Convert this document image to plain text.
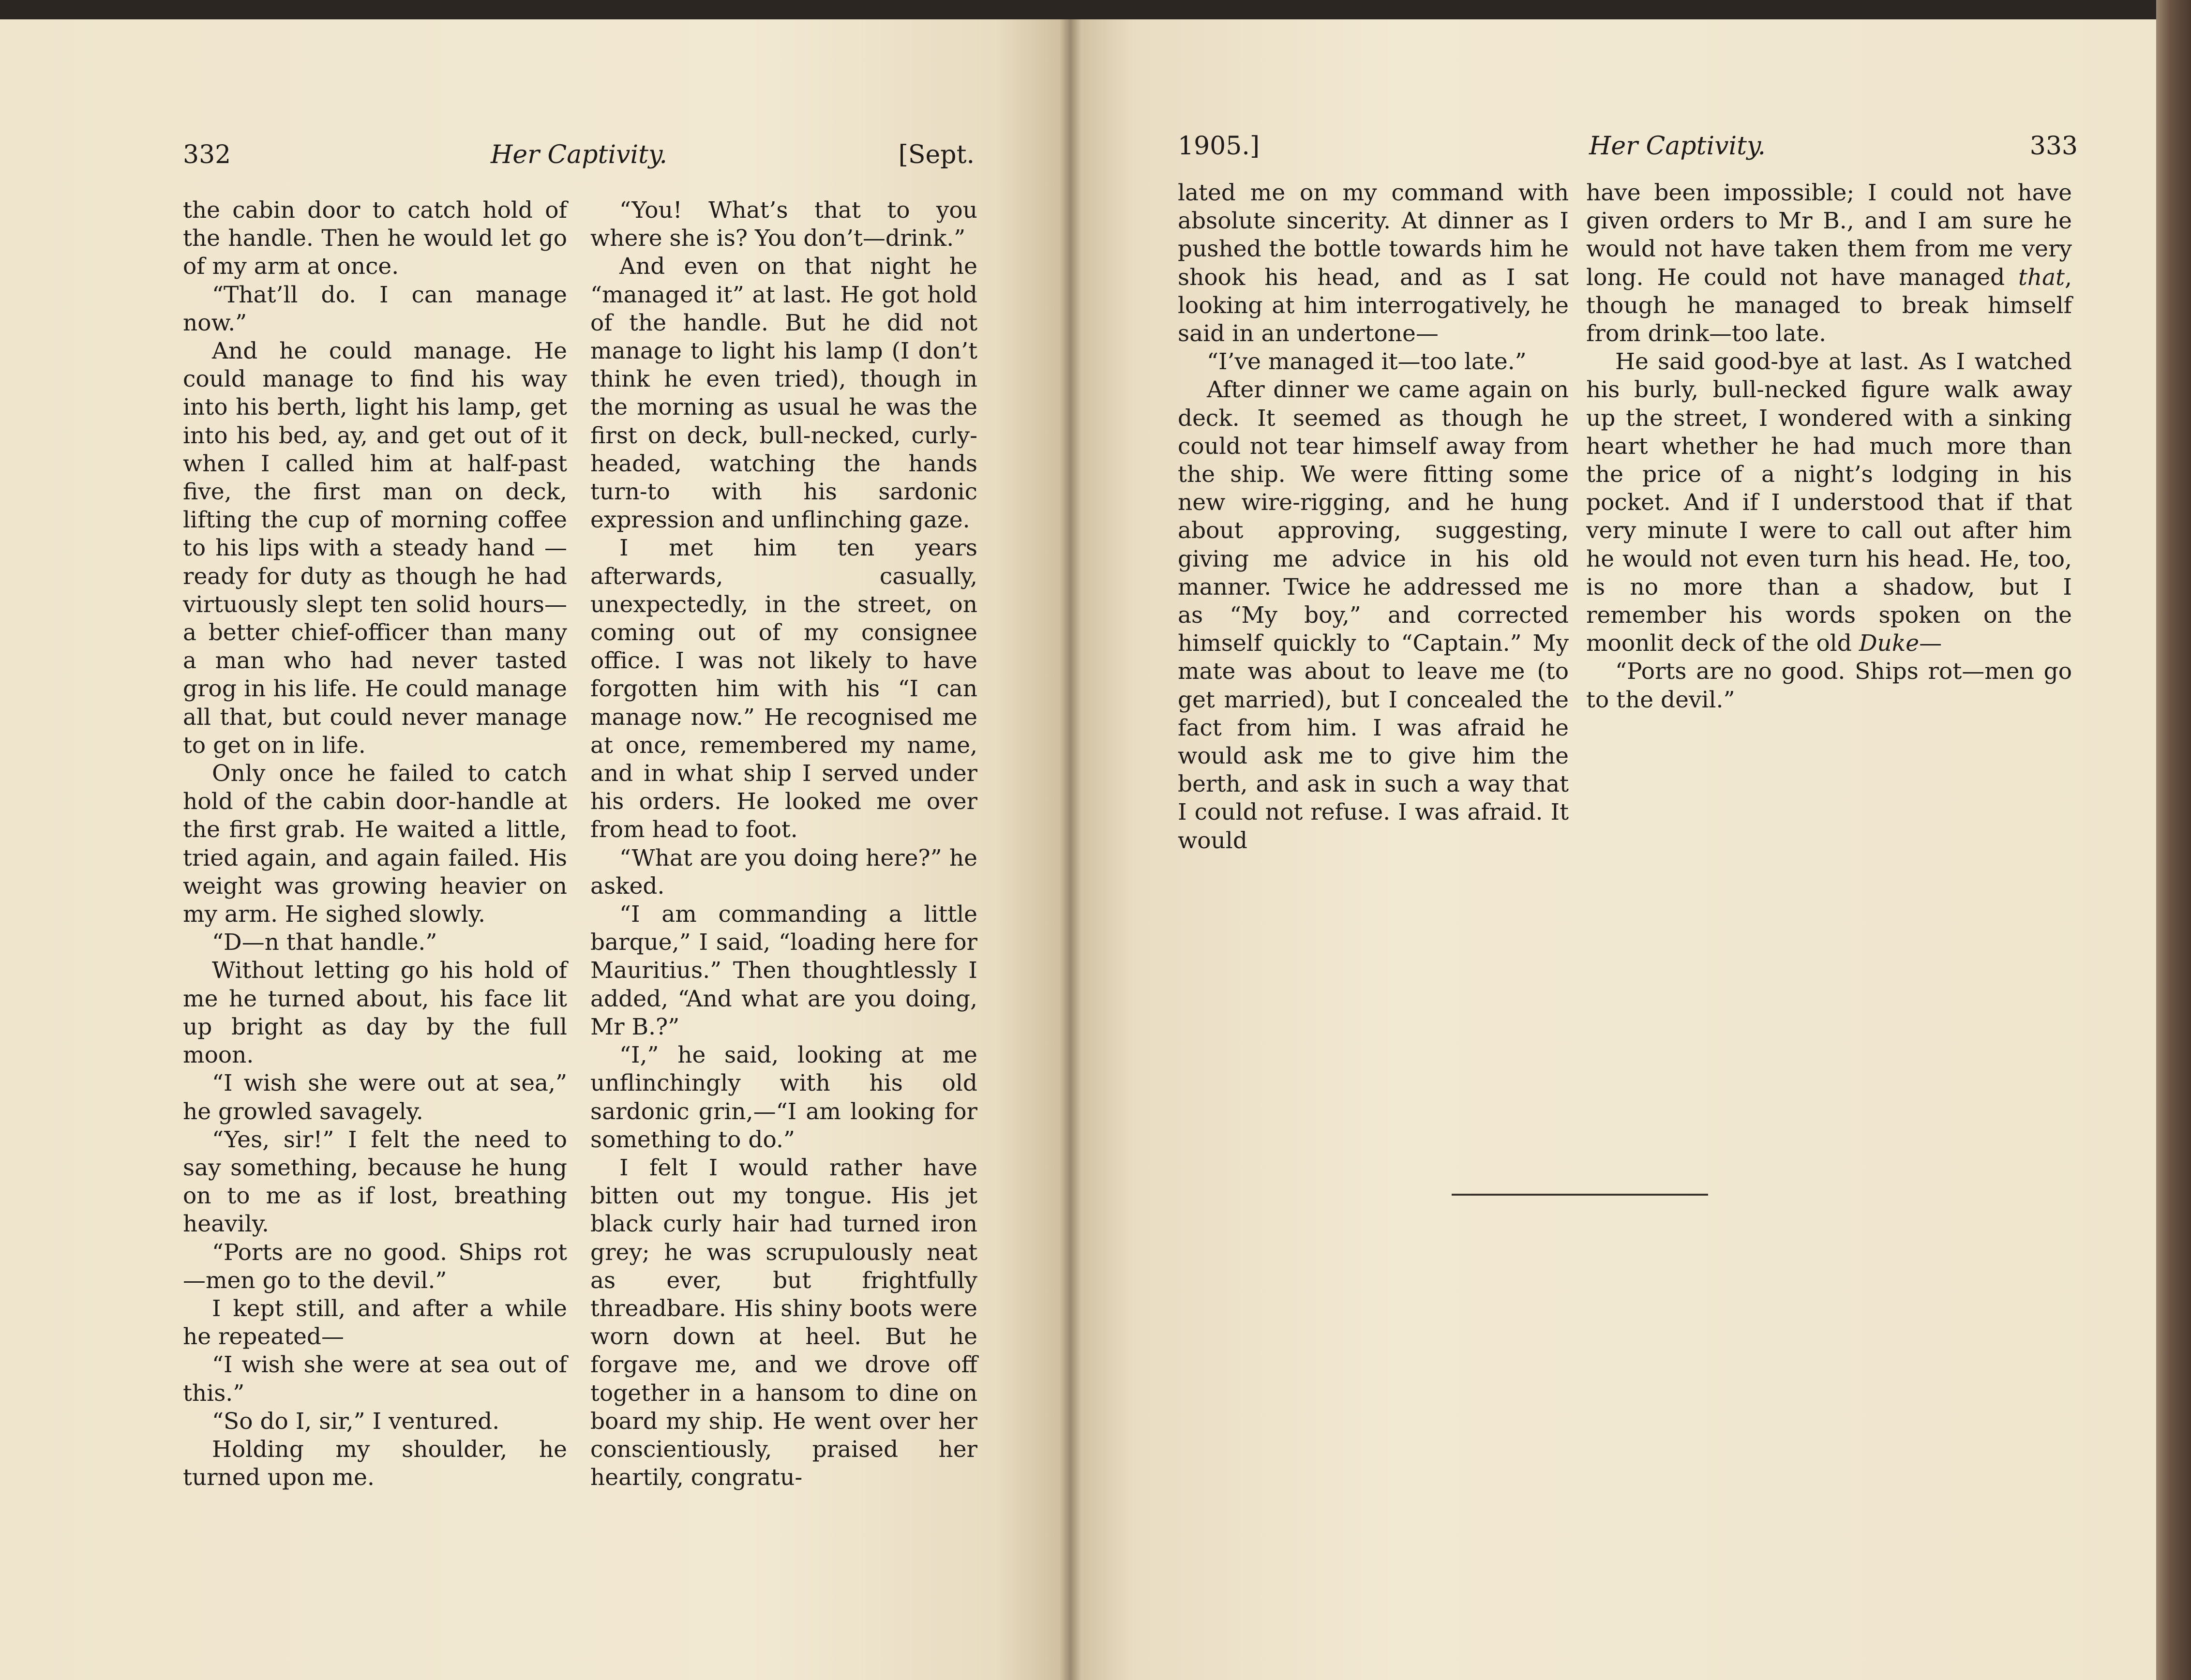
332	Her Captivity.	[Sept.

the cabin door to catch hold of the handle. Then he would let go of my arm at once.

“That’ll do. I can manage now.”

And he could manage. He could manage to find his way into his berth, light his lamp, get into his bed, ay, and get out of it when I called him at half-past five, the first man on deck, lifting the cup of morning coffee to his lips with a steady hand — ready for duty as though he had virtuously slept ten solid hours—a better chief-officer than many a man who had never tasted grog in his life. He could manage all that, but could never manage to get on in life.

Only once he failed to catch hold of the cabin door-handle at the first grab. He waited a little, tried again, and again failed. His weight was growing heavier on my arm. He sighed slowly.

“D—n that handle.”

Without letting go his hold of me he turned about, his face lit up bright as day by the full moon.

“I wish she were out at sea,” he growled savagely.

“Yes, sir!” I felt the need to say something, because he hung on to me as if lost, breathing heavily.

“Ports are no good. Ships rot—men go to the devil.”

I kept still, and after a while he repeated—

“I wish she were at sea out of this.”

“So do I, sir,” I ventured.

Holding my shoulder, he turned upon me.

“You! What’s that to you where she is? You don’t—drink.”

And even on that night he “managed it” at last. He got hold of the handle. But he did not manage to light his lamp (I don’t think he even tried), though in the morning as usual he was the first on deck, bull-necked, curly-headed, watching the hands turn-to with his sardonic expression and unflinching gaze.

I met him ten years afterwards, casually, unexpectedly, in the street, on coming out of my consignee office. I was not likely to have forgotten him with his “I can manage now.” He recognised me at once, remembered my name, and in what ship I served under his orders. He looked me over from head to foot.

“What are you doing here?” he asked.

“I am commanding a little barque,” I said, “loading here for Mauritius.” Then thoughtlessly I added, “And what are you doing, Mr B.?”

“I,” he said, looking at me unflinchingly with his old sardonic grin,—“I am looking for something to do.”

I felt I would rather have bitten out my tongue. His jet black curly hair had turned iron grey; he was scrupulously neat as ever, but frightfully threadbare. His shiny boots were worn down at heel. But he forgave me, and we drove off together in a hansom to dine on board my ship. He went over her conscientiously, praised her heartily, congratu-

1905.]	Her Captivity.	333

lated me on my command with absolute sincerity. At dinner as I pushed the bottle towards him he shook his head, and as I sat looking at him interrogatively, he said in an undertone—

“I’ve managed it—too late.”

After dinner we came again on deck. It seemed as though he could not tear himself away from the ship. We were fitting some new wire-rigging, and he hung about approving, suggesting, giving me advice in his old manner. Twice he addressed me as “My boy,” and corrected himself quickly to “Captain.” My mate was about to leave me (to get married), but I concealed the fact from him. I was afraid he would ask me to give him the berth, and ask in such a way that I could not refuse. I was afraid. It would

have been impossible; I could not have given orders to Mr B., and I am sure he would not have taken them from me very long. He could not have managed that, though he managed to break himself from drink—too late.

He said good-bye at last. As I watched his burly, bull-necked figure walk away up the street, I wondered with a sinking heart whether he had much more than the price of a night’s lodging in his pocket. And if I understood that if that very minute I were to call out after him he would not even turn his head. He, too, is no more than a shadow, but I remember his words spoken on the moonlit deck of the old Duke—

“Ports are no good. Ships rot—men go to the devil.”
